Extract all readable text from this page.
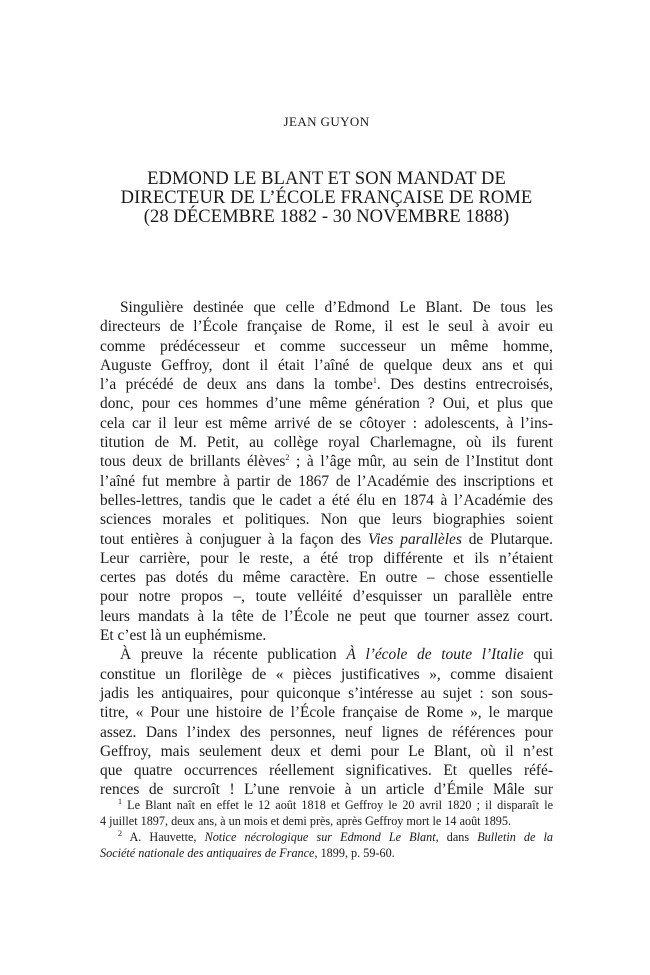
JEAN GUYON
EDMOND LE BLANT ET SON MANDAT DE
DIRECTEUR DE L’ÉCOLE FRANÇAISE DE ROME
(28 DÉCEMBRE 1882 - 30 NOVEMBRE 1888)
Singulière destinée que celle d’Edmond Le Blant. De tous les
directeurs de l’École française de Rome, il est le seul à avoir eu
comme prédécesseur et comme successeur un même homme,
Auguste Geffroy, dont il était l’aîné de quelque deux ans et qui
l’a précédé de deux ans dans la tombe$^1$. Des destins entrecroisés,
donc, pour ces hommes d’une même génération ? Oui, et plus que
cela car il leur est même arrivé de se côtoyer : adolescents, à l’ins-
titution de M. Petit, au collège royal Charlemagne, où ils furent
tous deux de brillants élèves$^2$ ; à l’âge mûr, au sein de l’Institut dont
l’aîné fut membre à partir de 1867 de l’Académie des inscriptions et
belles-lettres, tandis que le cadet a été élu en 1874 à l’Académie des
sciences morales et politiques. Non que leurs biographies soient
tout entières à conjuguer à la façon des Vies parallèles de Plutarque.
Leur carrière, pour le reste, a été trop différente et ils n’étaient
certes pas dotés du même caractère. En outre – chose essentielle
pour notre propos –, toute velléité d’esquisser un parallèle entre
leurs mandats à la tête de l’École ne peut que tourner assez court.
Et c’est là un euphémisme.
À preuve la récente publication À l’école de toute l’Italie qui
constitue un florilège de « pièces justificatives », comme disaient
jadis les antiquaires, pour quiconque s’intéresse au sujet : son sous-
titre, « Pour une histoire de l’École française de Rome », le marque
assez. Dans l’index des personnes, neuf lignes de références pour
Geffroy, mais seulement deux et demi pour Le Blant, où il n’est
que quatre occurrences réellement significatives. Et quelles réfé-
rences de surcroît ! L’une renvoie à un article d’Émile Mâle sur
$^1$ Le Blant naît en effet le 12 août 1818 et Geffroy le 20 avril 1820 ; il disparaît le
4 juillet 1897, deux ans, à un mois et demi près, après Geffroy mort le 14 août 1895.
$^2$ A. Hauvette, Notice nécrologique sur Edmond Le Blant, dans Bulletin de la
Société nationale des antiquaires de France, 1899, p. 59-60.
